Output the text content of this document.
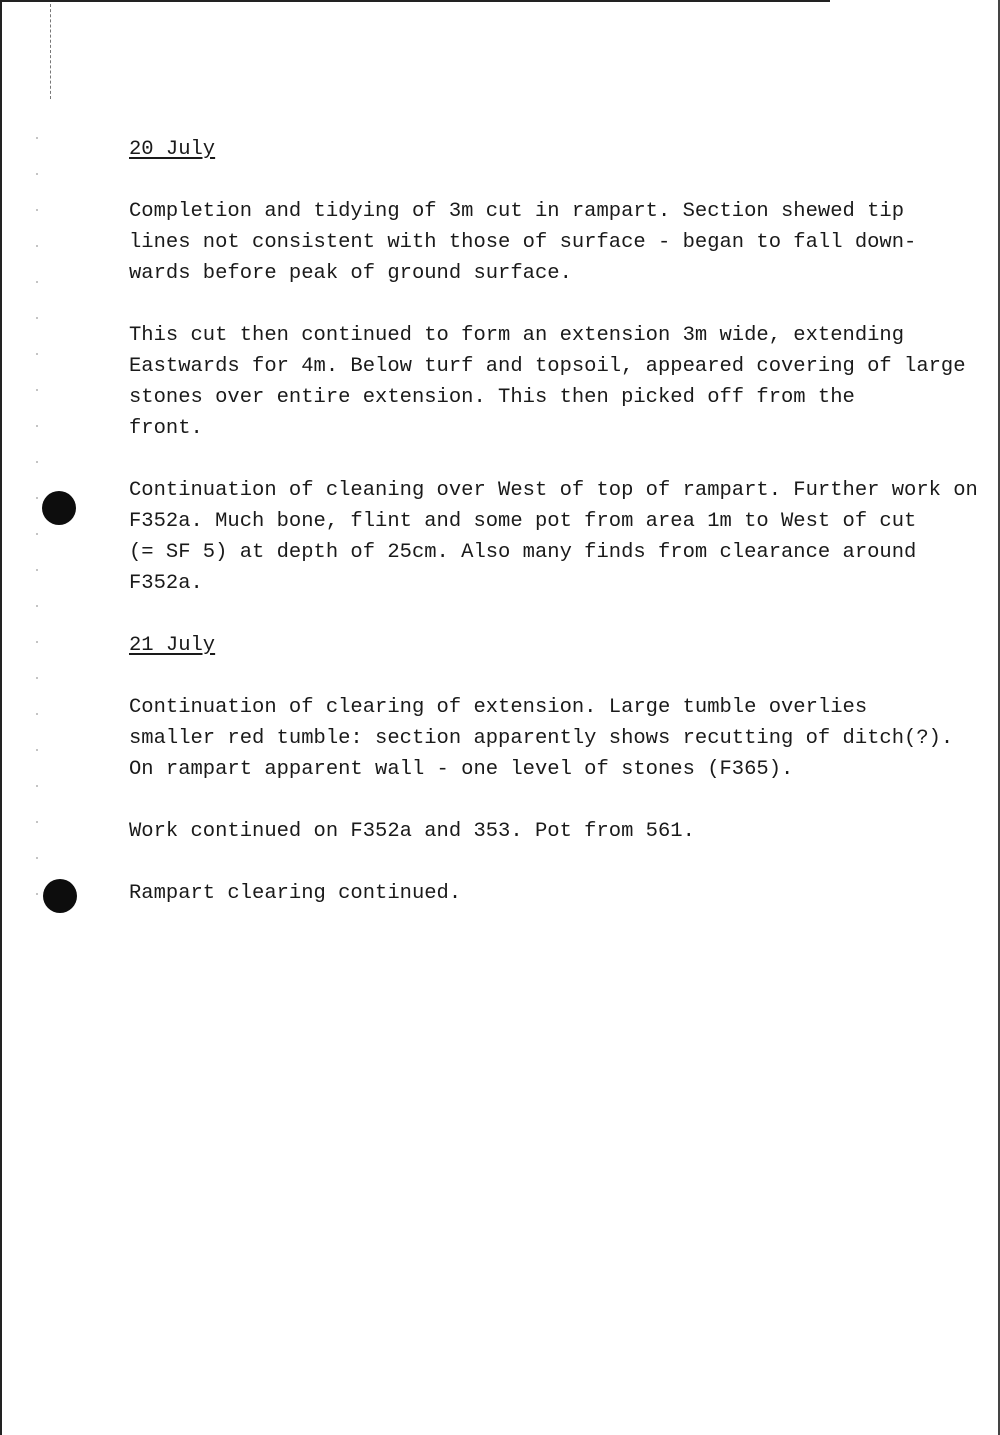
20 July

Completion and tidying of 3m cut in rampart. Section shewed tip
lines not consistent with those of surface - began to fall down-
wards before peak of ground surface.

This cut then continued to form an extension 3m wide, extending
Eastwards for 4m. Below turf and topsoil, appeared covering of large
stones over entire extension. This then picked off from the
front.

Continuation of cleaning over West of top of rampart. Further work on
F352a. Much bone, flint and some pot from area 1m to West of cut
(= SF 5) at depth of 25cm. Also many finds from clearance around
F352a.

21 July

Continuation of clearing of extension. Large tumble overlies
smaller red tumble: section apparently shows recutting of ditch(?).
On rampart apparent wall - one level of stones (F365).

Work continued on F352a and 353. Pot from 561.

Rampart clearing continued.
